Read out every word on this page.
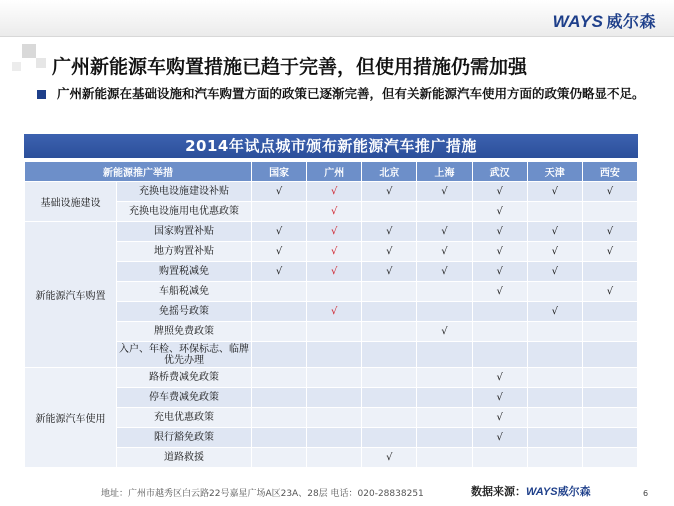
WAYS 威尔森
广州新能源车购置措施已趋于完善，但使用措施仍需加强
广州新能源在基础设施和汽车购置方面的政策已逐渐完善，但有关新能源汽车使用方面的政策仍略显不足。
2014年试点城市颁布新能源汽车推广措施
新能源推广举措		国家	广州	北京	上海	武汉	天津	西安
基础设施建设	充换电设施建设补贴	√	√	√	√	√	√	√
	充换电设施用电优惠政策		√			√		
新能源汽车购置	国家购置补贴	√	√	√	√	√	√	√
	地方购置补贴	√	√	√	√	√	√	√
	购置税减免	√	√	√	√	√	√	
	车船税减免					√		√
	免摇号政策		√				√	
	牌照免费政策				√			
	入户、年检、环保标志、临牌优先办理							
新能源汽车使用	路桥费减免政策					√		
	停车费减免政策					√		
	充电优惠政策					√		
	限行豁免政策					√		
	道路救援			√				
地址：广州市越秀区白云路22号嘉星广场A区23A、28层 电话：020-28838251	数据来源：WAYS威尔森	6
